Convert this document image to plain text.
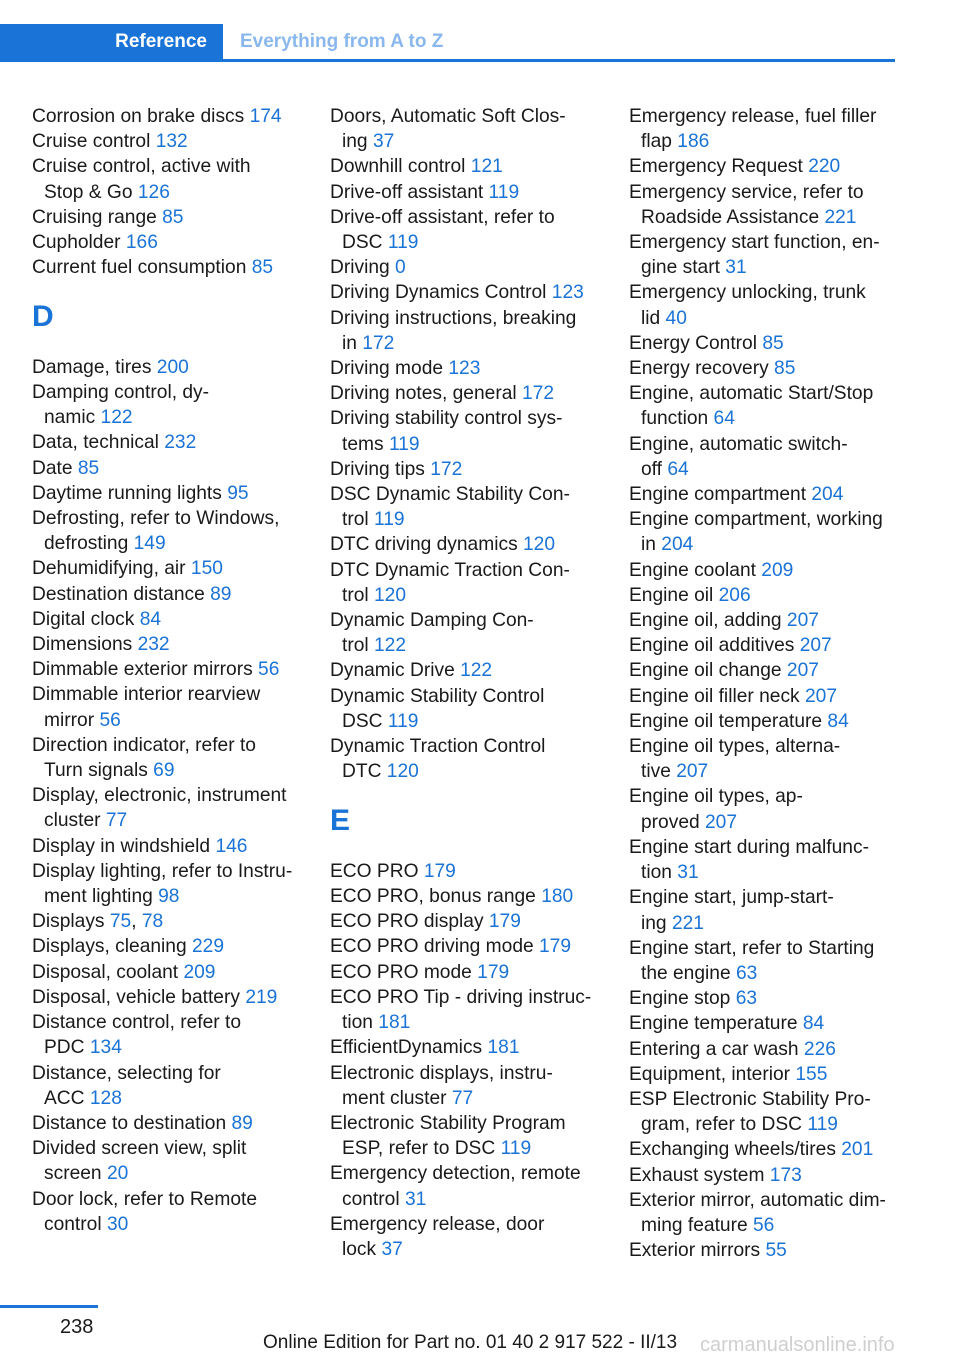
Reference	Everything from A to Z
Corrosion on brake discs 174
Cruise control 132
Cruise control, active with
Stop & Go 126
Cruising range 85
Cupholder 166
Current fuel consumption 85
D
Damage, tires 200
Damping control, dy-
namic 122
Data, technical 232
Date 85
Daytime running lights 95
Defrosting, refer to Windows,
defrosting 149
Dehumidifying, air 150
Destination distance 89
Digital clock 84
Dimensions 232
Dimmable exterior mirrors 56
Dimmable interior rearview
mirror 56
Direction indicator, refer to
Turn signals 69
Display, electronic, instrument
cluster 77
Display in windshield 146
Display lighting, refer to Instru-
ment lighting 98
Displays 75, 78
Displays, cleaning 229
Disposal, coolant 209
Disposal, vehicle battery 219
Distance control, refer to
PDC 134
Distance, selecting for
ACC 128
Distance to destination 89
Divided screen view, split
screen 20
Door lock, refer to Remote
control 30
Doors, Automatic Soft Clos-
ing 37
Downhill control 121
Drive-off assistant 119
Drive-off assistant, refer to
DSC 119
Driving 0
Driving Dynamics Control 123
Driving instructions, breaking
in 172
Driving mode 123
Driving notes, general 172
Driving stability control sys-
tems 119
Driving tips 172
DSC Dynamic Stability Con-
trol 119
DTC driving dynamics 120
DTC Dynamic Traction Con-
trol 120
Dynamic Damping Con-
trol 122
Dynamic Drive 122
Dynamic Stability Control
DSC 119
Dynamic Traction Control
DTC 120
E
ECO PRO 179
ECO PRO, bonus range 180
ECO PRO display 179
ECO PRO driving mode 179
ECO PRO mode 179
ECO PRO Tip - driving instruc-
tion 181
EfficientDynamics 181
Electronic displays, instru-
ment cluster 77
Electronic Stability Program
ESP, refer to DSC 119
Emergency detection, remote
control 31
Emergency release, door
lock 37
Emergency release, fuel filler
flap 186
Emergency Request 220
Emergency service, refer to
Roadside Assistance 221
Emergency start function, en-
gine start 31
Emergency unlocking, trunk
lid 40
Energy Control 85
Energy recovery 85
Engine, automatic Start/Stop
function 64
Engine, automatic switch-
off 64
Engine compartment 204
Engine compartment, working
in 204
Engine coolant 209
Engine oil 206
Engine oil, adding 207
Engine oil additives 207
Engine oil change 207
Engine oil filler neck 207
Engine oil temperature 84
Engine oil types, alterna-
tive 207
Engine oil types, ap-
proved 207
Engine start during malfunc-
tion 31
Engine start, jump-start-
ing 221
Engine start, refer to Starting
the engine 63
Engine stop 63
Engine temperature 84
Entering a car wash 226
Equipment, interior 155
ESP Electronic Stability Pro-
gram, refer to DSC 119
Exchanging wheels/tires 201
Exhaust system 173
Exterior mirror, automatic dim-
ming feature 56
Exterior mirrors 55
238
Online Edition for Part no. 01 40 2 917 522 - II/13 carmanualsonline.info
